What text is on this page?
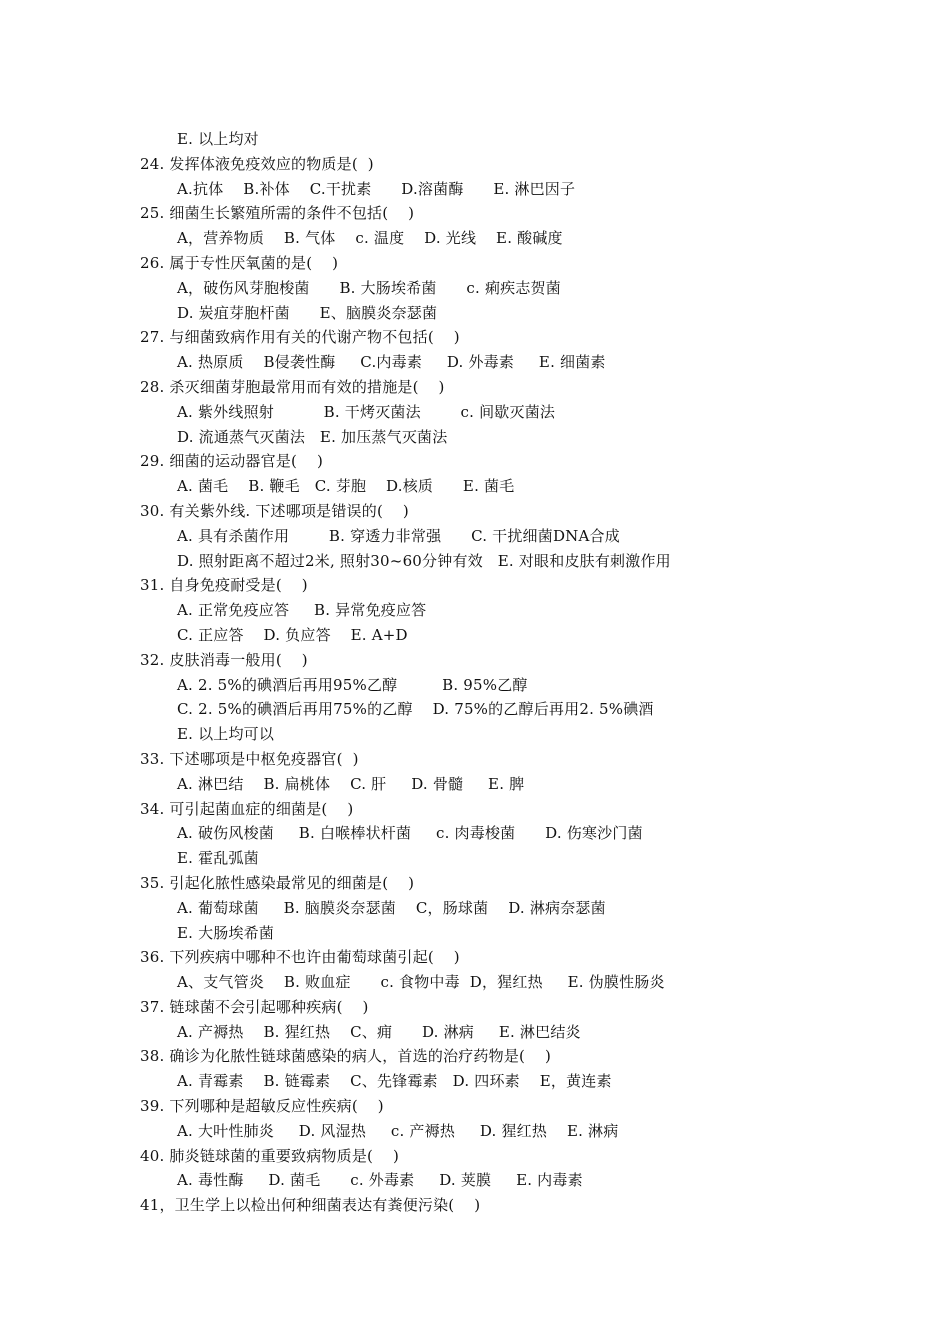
E. 以上均对
24. 发挥体液免疫效应的物质是(  )
A.抗体    B.补体    C.干扰素      D.溶菌酶      E. 淋巴因子
25. 细菌生长繁殖所需的条件不包括(    )
A，营养物质    B. 气体    c. 温度    D. 光线    E. 酸碱度
26. 属于专性厌氧菌的是(    )
A，破伤风芽胞梭菌      B. 大肠埃希菌      c. 痢疾志贺菌
D. 炭疽芽胞杆菌      E、脑膜炎奈瑟菌
27. 与细菌致病作用有关的代谢产物不包括(    )
A. 热原质    B侵袭性酶     C.内毒素     D. 外毒素     E. 细菌素
28. 杀灭细菌芽胞最常用而有效的措施是(    )
A. 紫外线照射          B. 干烤灭菌法        c. 间歇灭菌法
D. 流通蒸气灭菌法   E. 加压蒸气灭菌法
29. 细菌的运动器官是(    )
A. 菌毛    B. 鞭毛   C. 芽胞    D.核质      E. 菌毛
30. 有关紫外线. 下述哪项是错误的(    )
A. 具有杀菌作用        B. 穿透力非常强      C. 干扰细菌DNA合成
D. 照射距离不超过2米, 照射30~60分钟有效   E. 对眼和皮肤有刺激作用
31. 自身免疫耐受是(    )
A. 正常免疫应答     B. 异常免疫应答
C. 正应答    D. 负应答    E. A+D
32. 皮肤消毒一般用(    )
A. 2. 5%的碘酒后再用95%乙醇         B. 95%乙醇
C. 2. 5%的碘酒后再用75%的乙醇    D. 75%的乙醇后再用2. 5%碘酒
E. 以上均可以
33. 下述哪项是中枢免疫器官(  )
A. 淋巴结    B. 扁桃体    C. 肝     D. 骨髓     E. 脾
34. 可引起菌血症的细菌是(    )
A. 破伤风梭菌     B. 白喉棒状杆菌     c. 肉毒梭菌      D. 伤寒沙门菌
E. 霍乱弧菌
35. 引起化脓性感染最常见的细菌是(    )
A. 葡萄球菌     B. 脑膜炎奈瑟菌    C，肠球菌    D. 淋病奈瑟菌
E. 大肠埃希菌
36. 下列疾病中哪种不也许由葡萄球菌引起(    )
A、支气管炎    B. 败血症      c. 食物中毒  D，猩红热     E. 伪膜性肠炎
37. 链球菌不会引起哪种疾病(    )
A. 产褥热    B. 猩红热    C、痈      D. 淋病     E. 淋巴结炎
38. 确诊为化脓性链球菌感染的病人，首选的治疗药物是(    )
A. 青霉素    B. 链霉素    C、先锋霉素   D. 四环素    E，黄连素
39. 下列哪种是超敏反应性疾病(    )
A. 大叶性肺炎     D. 风湿热     c. 产褥热     D. 猩红热    E. 淋病
40. 肺炎链球菌的重要致病物质是(    )
A. 毒性酶     D. 菌毛      c. 外毒素     D. 荚膜     E. 内毒素
41，卫生学上以检出何种细菌表达有粪便污染(    )
